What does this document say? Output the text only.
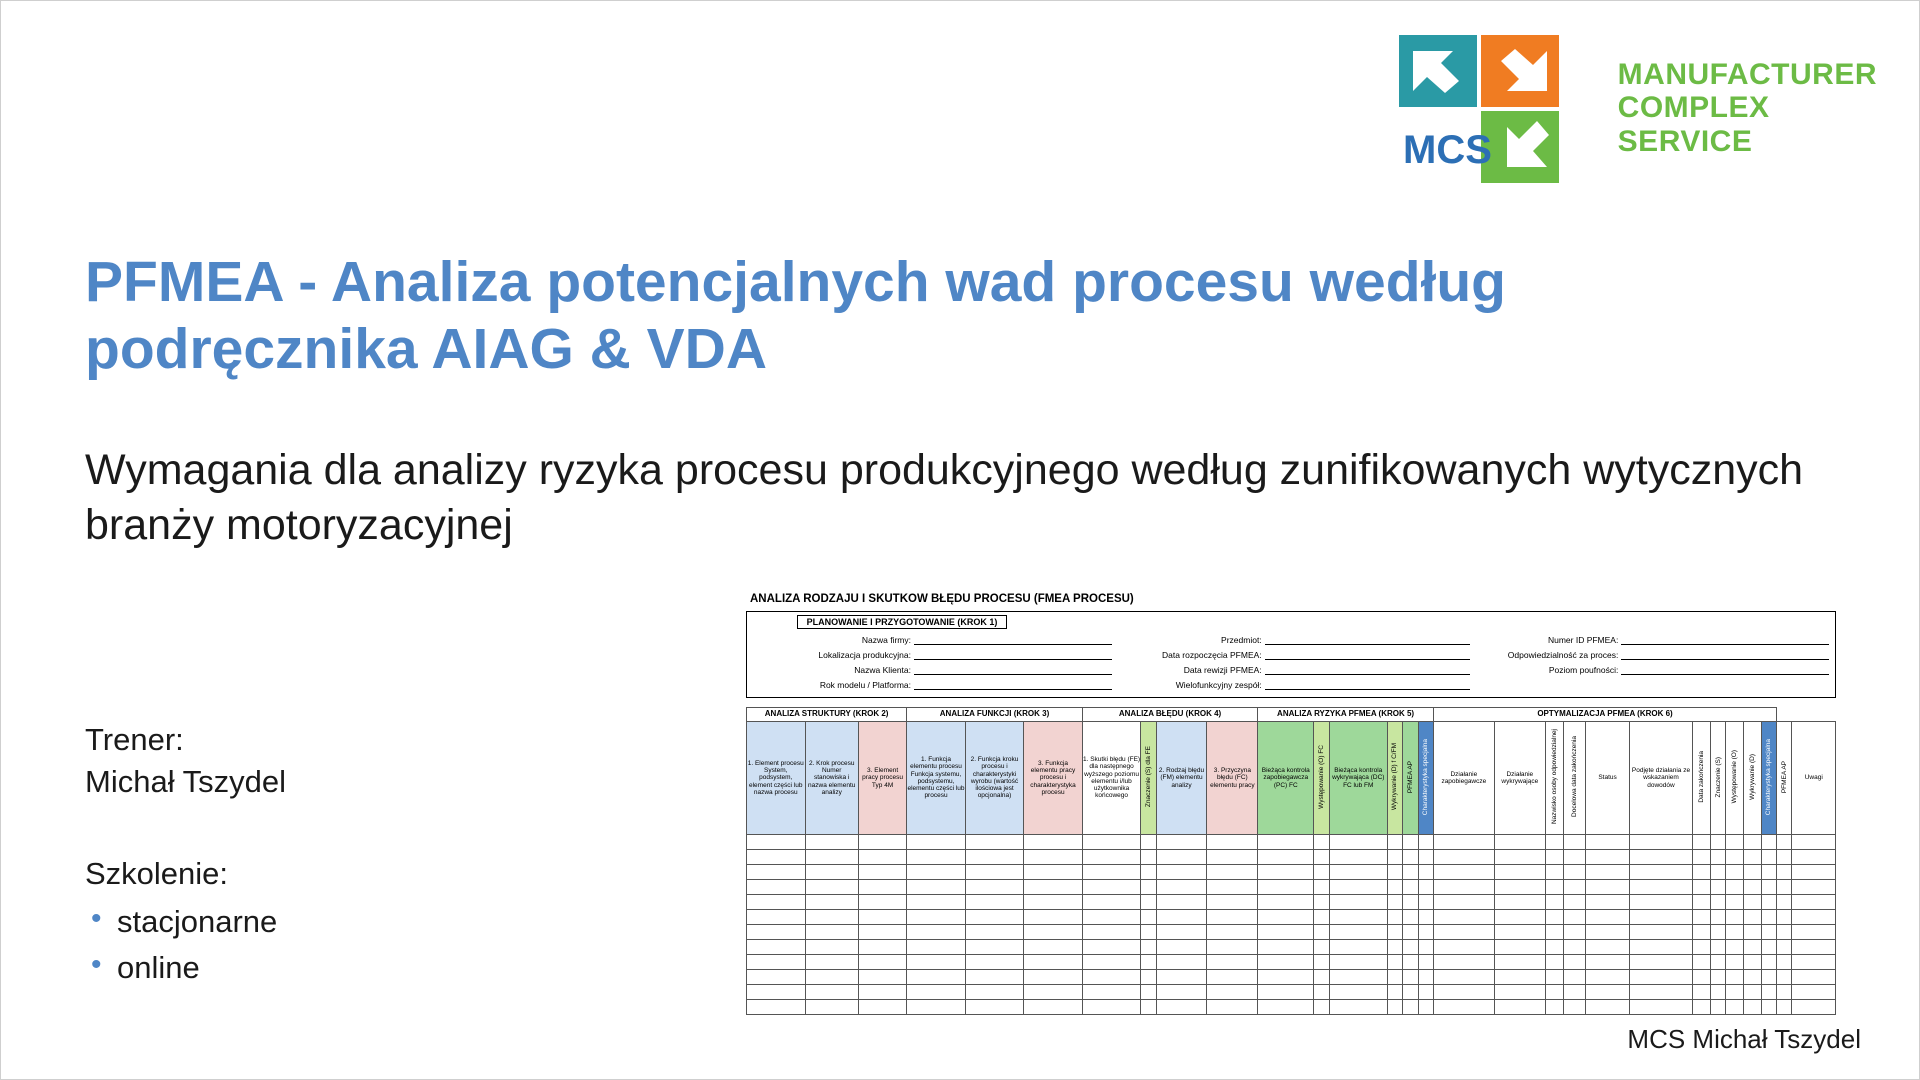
MCS
MANUFACTURER
COMPLEX
SERVICE
PFMEA - Analiza potencjalnych wad procesu według podręcznika AIAG & VDA
Wymagania dla analizy ryzyka procesu produkcyjnego według zunifikowanych wytycznych branży motoryzacyjnej
Trener:
Michał Tszydel
Szkolenie:
• stacjonarne
• online
MCS Michał Tszydel
ANALIZA RODZAJU I SKUTKOW BŁĘDU PROCESU (FMEA PROCESU)
PLANOWANIE I PRZYGOTOWANIE (KROK 1)
Nazwa firmy:	Przedmiot:	Numer ID PFMEA:
Lokalizacja produkcyjna:	Data rozpoczęcia PFMEA:	Odpowiedzialność za proces:
Nazwa Klienta:	Data rewizji PFMEA:	Poziom poufności:
Rok modelu / Platforma:	Wielofunkcyjny zespół:
ANALIZA STRUKTURY (KROK 2)			ANALIZA FUNKCJI (KROK 3)			ANALIZA BŁĘDU (KROK 4)				ANALIZA RYZYKA PFMEA (KROK 5)						OPTYMALIZACJA PFMEA (KROK 6)												
1. Element procesu System, podsystem, element części lub nazwa procesu	2. Krok procesu Numer stanowiska i nazwa elementu analizy	3. Element pracy procesu Typ 4M	1. Funkcja elementu procesu Funkcja systemu, podsystemu, elementu części lub procesu	2. Funkcja kroku procesu i charakterystyki wyrobu (wartość ilościowa jest opcjonalna)	3. Funkcja elementu pracy procesu i charakterystyka procesu	1. Skutki błędu (FE) dla następnego wyższego poziomu elementu i/lub użytkownika końcowego	Znaczenie (S) dla FE	2. Rodzaj błędu (FM) elementu analizy	3. Przyczyna błędu (FC) elementu pracy	Bieżąca kontrola zapobiegawcza (PC) FC	Występowanie (O) FC	Bieżąca kontrola wykrywająca (DC) FC lub FM	Wykrywanie (D) f C/FM	PFMEA AP	Charakterystyka specjalna	Działanie zapobiegawcze	Działanie wykrywające	Nazwisko osoby odpowiedzialnej	Docelowa data zakończenia	Status	Podjęte działania ze wskazaniem dowodów	Data zakończenia	Znaczenie (S)	Występowanie (O)	Wykrywanie (D)	Charakterystyka specjalna	PFMEA AP	Uwagi
